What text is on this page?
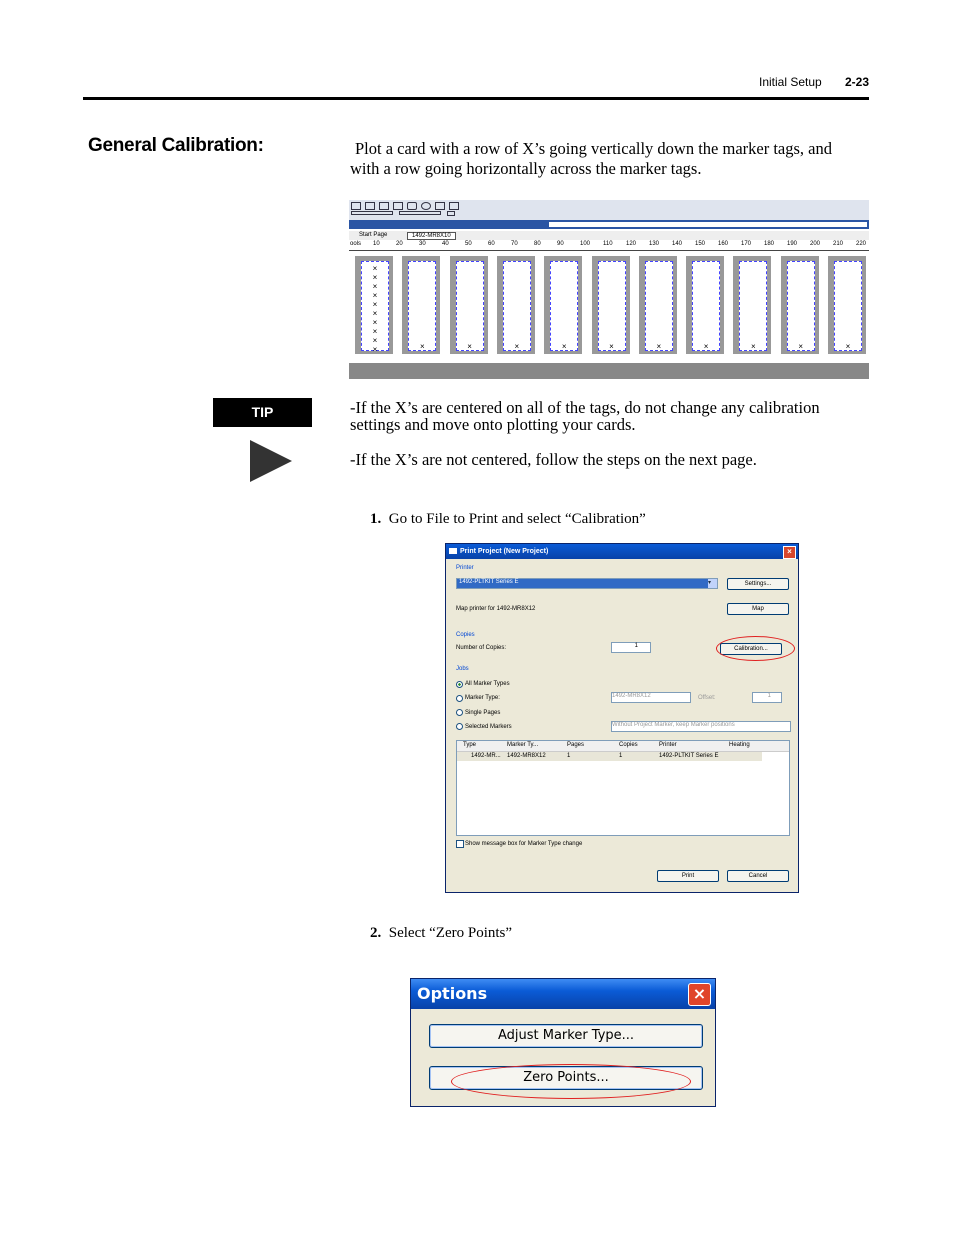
Initial Setup 2-23
General Calibration:	Plot a card with a row of X’s going vertically down the marker tags, and
with a row going horizontally across the marker tags.
Start Page	1492-MR8X10
ools 10	20	30	40	50	60	70	80	90	100 110 120 130 140 150 160 170 180 190 200 210 220
×
×
×
×
×
×
×
×
×
×	×	×	×	×	×	×	×	×	×	×
TIP	-If the X’s are centered on all of the tags, do not change any calibration
settings and move onto plotting your cards.
-If the X’s are not centered, follow the steps on the next page.
1. Go to File to Print and select “Calibration”
Print Project (New Project)	×
Printer
1492-PLTKIT Series E	▾	Settings...
Map printer for 1492-MR8X12	Map
Copies
Number of Copies:	1	Calibration...
Jobs
All Marker Types
Marker Type:	1492-MR8X12	Offset:	1
Single Pages
Selected Markers	Without Project Marker, keep Marker positions
Type	Marker Ty...	Pages	Copies	Printer	Heating
1492-MR... 1492-MR8X12	1	1	1492-PLTKIT Series E
Show message box for Marker Type change
Print	Cancel
2. Select “Zero Points”
Options	×
Adjust Marker Type...
Zero Points...
